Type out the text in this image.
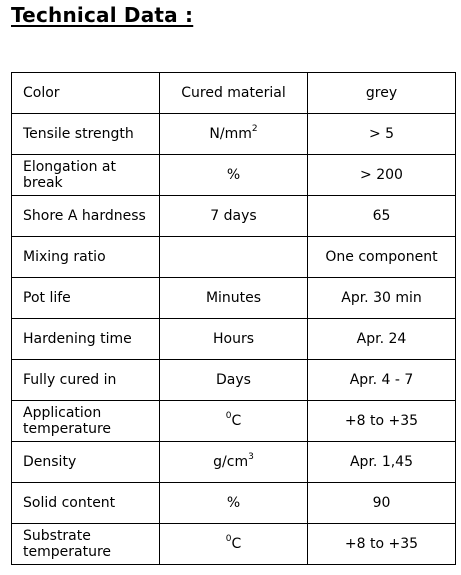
Technical Data :
Color	Cured material	grey
Tensile strength	$N/mm^2$	> 5
Elongation at break	%	> 200
Shore A hardness	7 days	65
Mixing ratio		One component
Pot life	Minutes	Apr. 30 min
Hardening time	Hours	Apr. 24
Fully cured in	Days	Apr. 4 - 7
Application temperature	$^0$C	+8 to +35
Density	$g/cm^3$	Apr. 1,45
Solid content	%	90
Substrate temperature	$^0$C	+8 to +35
